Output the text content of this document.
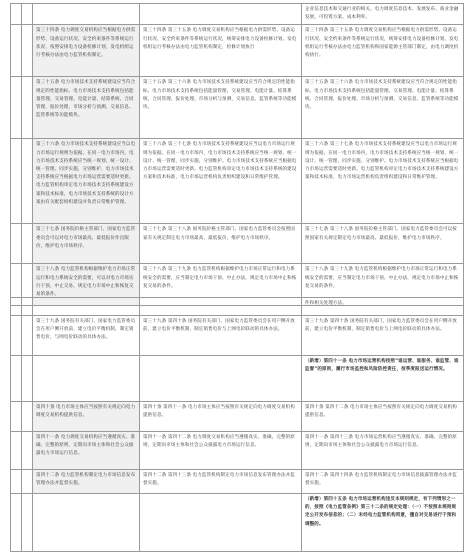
				企业信息技术和交通行业的相关、电力调度信息技术、发展发布、商业金融发展、可投资方案、成本利率、
		第三十四条 电力调度交易机构应当根据电力供需形势、设备运行状况、安全约束条件等系统运行状况、按照安排电力设备检修计划，发电机组运行考核办法由电力监管机构制定。	第三十四条 第三十五条 电力调度交易机构应当根据电力供需形势、设备运行状况、安全约束条件等系统运行状况，统筹安排电力设备检修计划。发电机组运行考核办法由电力监管机构制定，检修计划执行	第三十四条 第三十五条 电力调度交易机构应当根据电力供需形势、设备运行状况、安全约束条件等系统运行状况，统筹安排电力设备检修计划。发电机组运行考核办法由电力监管机构和国家能源主管部门制定，由电力调度机构执行。
		第三十五条 电力市场技术支持系统建设应当符合规定的性能指标。电力市场技术支持系统包括能量管理、交易管理、电能计量、结算系统、合同管理、报价处理、市场分析与预测、交易信息、监管系统等功能模块。	第三十五条 第三十六条 电力市场技术支持系统建设应当符合规定的性能指标。电力市场技术支持系统包括能量管理、交易管理、电能计量、结算系统、合同管理、报价处理、市场分析与预测、交易信息、监管系统等功能模块。	第三十五条 第三十六条 电力市场技术支持系统建设应当符合规定的性能指标。电力市场技术支持系统包括能量管理、交易管理、电能计量、结算系统、合同管理、报价处理、市场分析与预测、交易信息、监管系统等功能模块。
		第三十六条 电力市场技术支持系统建设应当以电力市场运行规则为依据。在同一电力市场内，电力市场技术支持系统应当统一规划、统一设计、统一管理、同步实施，分别维护，电力市场技术支持系统应当根据电力市场运营需要适时更新。电力监管机构审定电力市场技术支持系统建设方案和技术标准，电力市场技术支持系统的设计方案由有关配套组织建设并负责日常维护管理。	第三十六条 第三十七条 电力市场技术支持系统建设应当以电力市场运行规则为依据。在同一电力市场内，电力市场技术支持系统应当统一规划、统一设计、统一管理、同步实施、分别维护。电力市场技术支持系统应当根据电力市场运营需要适时更新。电力监管机构审定电力市场技术支持系统的建设方案和技术标准，电力市场运营机构负责组织建设和日常维护管理。	第三十六条 第三十七条 电力市场技术支持系统建设应当以电力市场运行规则为依据。在同一电力市场内，电力市场技术支持系统应当统一规划、统一设计、统一管理、同步实施、分别维护。电力市场技术支持系统应当根据电力市场运营需要适时更新。电力监管机构审定电力市场技术支持系统建设方案和技术标准，电力市场运营机构负责组织建设和日常维护管理。
		第三十七条 国务院价格主管部门、国家电力监管委员会可以对电力市场最高、最低报价作出限价，维护电力市场秩序。	第三十七条 第三十八条 国务院价格主管部门、国家电力监管委员会按照国家有关规定制定电力市场最高、最低报价，维护电力市场秩序。	第三十七条 第三十八条 国务院价格主管部门、国家电力监管委员会可以按照国家有关规定制定电力市场最高、最低报价，维护电力市场秩序。
		第三十八条 电力监管机构根据维护电力市场正常运行和电力系统安全的需要，可以对电力市场实行干预，中止交易，规定电力市场中止和恢复交易的条件。	第三十八条 第三十九条 电力监管机构根据维护电力市场正常运行和电力系统安全的需要，应当制定电力市场干预、中止办法，规定电力市场中止和恢复交易的条件。	第三十八条 第三十九条 电力监管机构根据维护电力市场正常运行和电力系统安全的需要，应当制定电力市场干预、中止办法，规定电力市场中止和恢复交易的条件。
				件和相关处理方法。
		第三十九条 国务院有关部门、国家电力监管委员会在用户侧开放前，建立电价平衡机制，制定销售电价，与网电价联动的具体办法。	第三十九条 第四十条 国务院有关部门、国家电力监管委员会在用户侧开放前，建立电价平衡机制，制定销售电价与上网电价联动的具体办法。	第三十九条 第四十条 国务院有关部门、国家电力监管委员会在用户侧开放前，建立电价平衡机制，制定销售电价与上网电价联动的具体办法。
				（新增）第四十一条 电力市场运营机构按照“谁运营、谁服务、谁监管、谁监督”的原则，履行市场监控和风险防控责任，按季度报送运行情况。
		第四十条 电力市场主体应当按照有关规定向电力调度交易机构提供信息。	第四十条 第四十一条 电力市场主体应当按照有关规定向电力调度交易机构提供信息。	第四十条 第四十二条 电力市场主体应当按照有关规定向电力调度交易机构提供信息。
		第四十一条 电力调度交易机构应当遵循真实、准确、完整的原则，定期向市场主体和社会公众披露电力市场运行信息。	第四十一条 第四十二条 电力调度交易机构应当遵循真实、准确、完整的原则，定期向市场主体和社会公众披露电力市场运行信息。	第四十一条 第四十三条 电力市场运营机构应当遵循真实、准确、完整的原则，定期向市场主体和社会公众披露电力市场运行信息。
		第四十二条 电力监管机构制定电力市场信息发布管理办法并监督实施。	第四十二条 第四十三条 电力监管机构制定电力市场信息发布管理办法并监督实施。	第四十二条 第四十四条 电力监管机构制定电力市场信息披露管理办法并监督实施。
				（新增）第四十五条 电力市场运营机构违反本规则规定，有下列情形之一的，按照《电力监管条例》第三十二条的规定处理：（一）不按照本规则规定公开发布信息的；（二）未经电力监管机构同意，擅自对交易进行干预和调整的。
